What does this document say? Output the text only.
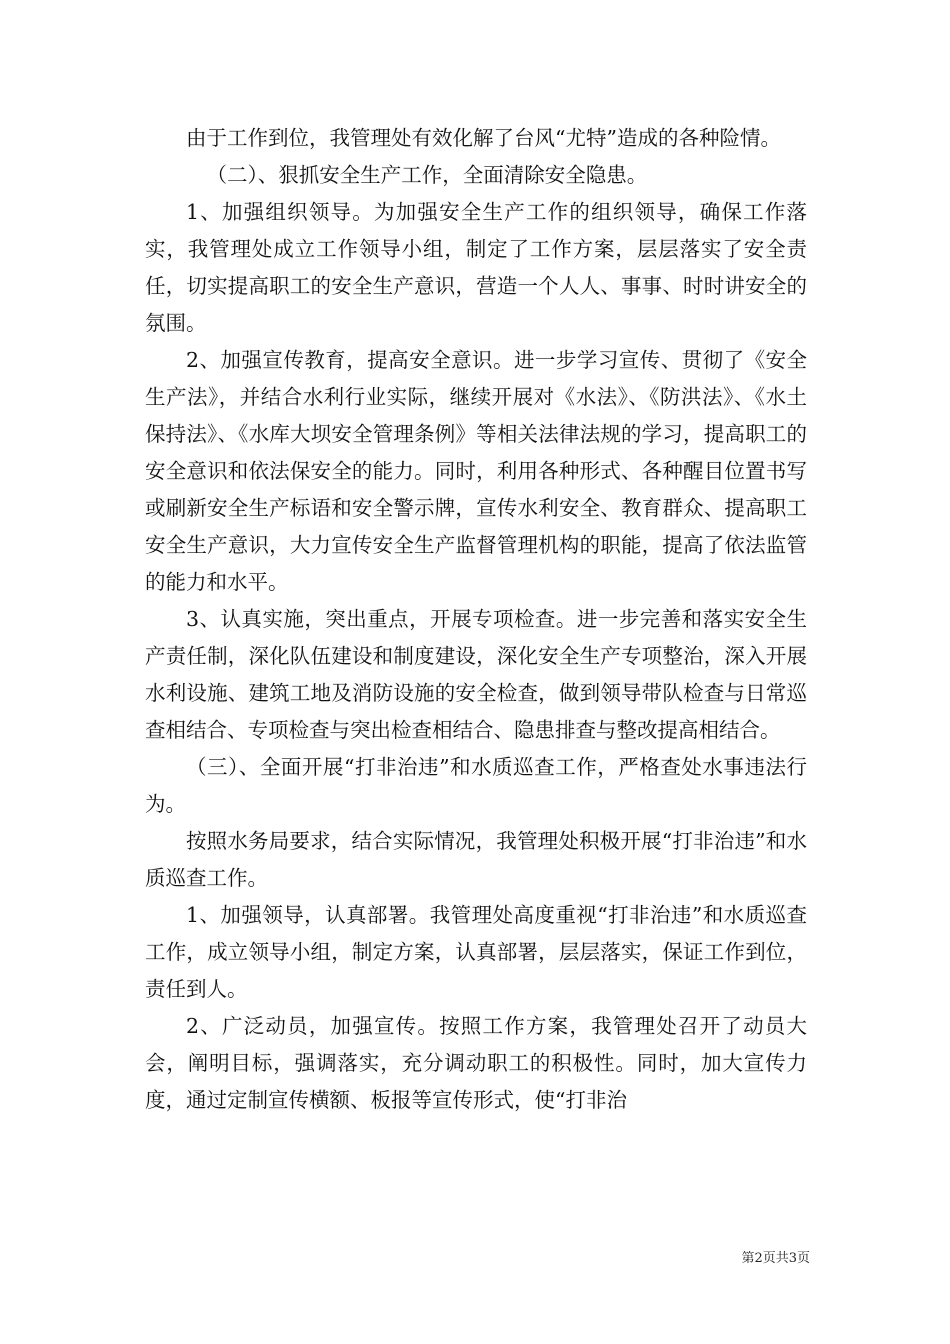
由于工作到位，我管理处有效化解了台风“尤特”造成的各种险情。

（二）、狠抓安全生产工作，全面清除安全隐患。

1、加强组织领导。为加强安全生产工作的组织领导，确保工作落实，我管理处成立工作领导小组，制定了工作方案，层层落实了安全责任，切实提高职工的安全生产意识，营造一个人人、事事、时时讲安全的氛围。

2、加强宣传教育，提高安全意识。进一步学习宣传、贯彻了《安全生产法》，并结合水利行业实际，继续开展对《水法》、《防洪法》、《水土保持法》、《水库大坝安全管理条例》等相关法律法规的学习，提高职工的安全意识和依法保安全的能力。同时，利用各种形式、各种醒目位置书写或刷新安全生产标语和安全警示牌，宣传水利安全、教育群众、提高职工安全生产意识，大力宣传安全生产监督管理机构的职能，提高了依法监管的能力和水平。

3、认真实施，突出重点，开展专项检查。进一步完善和落实安全生产责任制，深化队伍建设和制度建设，深化安全生产专项整治，深入开展水利设施、建筑工地及消防设施的安全检查，做到领导带队检查与日常巡查相结合、专项检查与突出检查相结合、隐患排查与整改提高相结合。

（三）、全面开展“打非治违”和水质巡查工作，严格查处水事违法行为。

按照水务局要求，结合实际情况，我管理处积极开展“打非治违”和水质巡查工作。

1、加强领导，认真部署。我管理处高度重视“打非治违”和水质巡查工作，成立领导小组，制定方案，认真部署，层层落实，保证工作到位，责任到人。

2、广泛动员，加强宣传。按照工作方案，我管理处召开了动员大会，阐明目标，强调落实，充分调动职工的积极性。同时，加大宣传力度，通过定制宣传横额、板报等宣传形式，使“打非治

第2页共3页
